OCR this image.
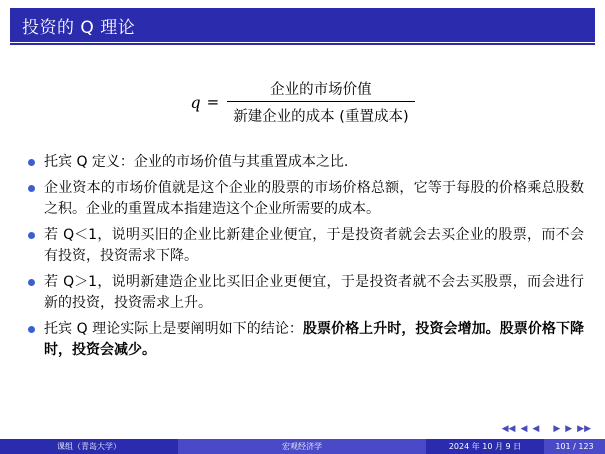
投资的 Q 理论
$q = \frac{\text{企业的市场价值}}{\text{新建企业的成本 (重置成本)}}$
托宾 Q 定义：企业的市场价值与其重置成本之比.
企业资本的市场价值就是这个企业的股票的市场价格总额，它等于每股的价格乘总股数之积。企业的重置成本指建造这个企业所需要的成本。
若 Q＜1，说明买旧的企业比新建企业便宜，于是投资者就会去买企业的股票，而不会有投资，投资需求下降。
若 Q＞1，说明新建造企业比买旧企业更便宜，于是投资者就不会去买股票，而会进行新的投资，投资需求上升。
托宾 Q 理论实际上是要阐明如下的结论：股票价格上升时，投资会增加。股票价格下降时，投资会减少。
◀◀ ◀ ◀ ▶ ▶ ▶▶
课组（青岛大学）	宏观经济学	2024 年 10 月 9 日	101 / 123
